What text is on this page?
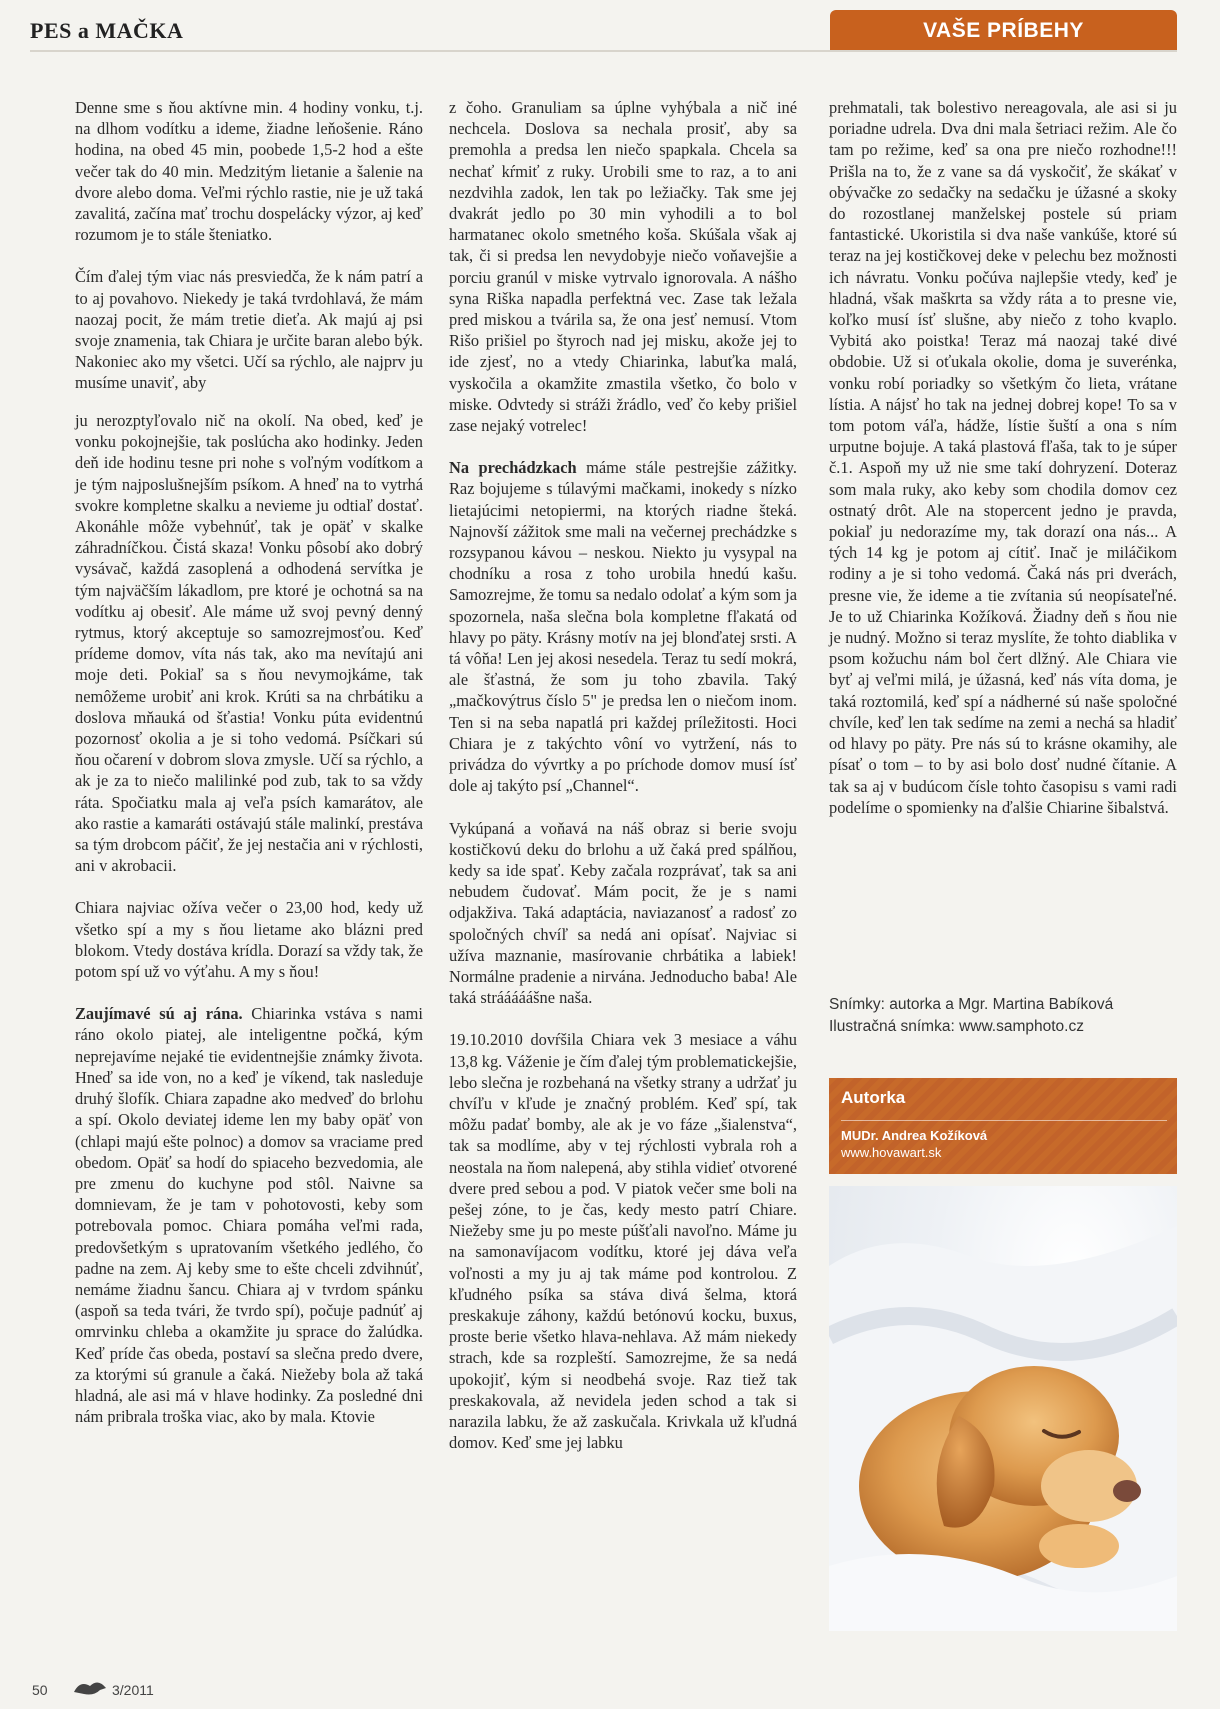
PES a MAČKA	VAŠE PRÍBEHY

Denne sme s ňou aktívne min. 4 hodiny vonku, t.j. na dlhom vodítku a ideme, žiadne leňošenie. Ráno hodina, na obed 45 min, poobede 1,5-2 hod a ešte večer tak do 40 min. Medzitým lietanie a šalenie na dvore alebo doma. Veľmi rýchlo rastie, nie je už taká zavalitá, začína mať trochu dospelácky výzor, aj keď rozumom je to stále šteniatko.

Čím ďalej tým viac nás presviedča, že k nám patrí a to aj povahovo. Niekedy je taká tvrdohlavá, že mám naozaj pocit, že mám tretie dieťa. Ak majú aj psi svoje znamenia, tak Chiara je určite baran alebo býk. Nakoniec ako my všetci. Učí sa rýchlo, ale najprv ju musíme unaviť, aby

ju nerozptyľovalo nič na okolí. Na obed, keď je vonku pokojnejšie, tak poslúcha ako hodinky. Jeden deň ide hodinu tesne pri nohe s voľným vodítkom a je tým najposlušnejším psíkom. A hneď na to vytrhá svokre kompletne skalku a nevieme ju odtiaľ dostať. Akonáhle môže vybehnúť, tak je opäť v skalke záhradníčkou. Čistá skaza! Vonku pôsobí ako dobrý vysávač, každá zasoplená a odhodená servítka je tým najväčším lákadlom, pre ktoré je ochotná sa na vodítku aj obesiť. Ale máme už svoj pevný denný rytmus, ktorý akceptuje so samozrejmosťou. Keď prídeme domov, víta nás tak, ako ma nevítajú ani moje deti. Pokiaľ sa s ňou nevymojkáme, tak nemôžeme urobiť ani krok. Krúti sa na chrbátiku a doslova mňauká od šťastia! Vonku púta evidentnú pozornosť okolia a je si toho vedomá. Psíčkari sú ňou očarení v dobrom slova zmysle. Učí sa rýchlo, a ak je za to niečo malilinké pod zub, tak to sa vždy ráta. Spočiatku mala aj veľa psích kamarátov, ale ako rastie a kamaráti ostávajú stále malinkí, prestáva sa tým drobcom páčiť, že jej nestačia ani v rýchlosti, ani v akrobacii.

Chiara najviac ožíva večer o 23,00 hod, kedy už všetko spí a my s ňou lietame ako blázni pred blokom. Vtedy dostáva krídla. Dorazí sa vždy tak, že potom spí už vo výťahu. A my s ňou!

Zaujímavé sú aj rána. Chiarinka vstáva s nami ráno okolo piatej, ale inteligentne počká, kým neprejavíme nejaké tie evidentnejšie známky života. Hneď sa ide von, no a keď je víkend, tak nasleduje druhý šlofík. Chiara zapadne ako medveď do brlohu a spí. Okolo deviatej ideme len my baby opäť von (chlapi majú ešte polnoc) a domov sa vraciame pred obedom. Opäť sa hodí do spiaceho bezvedomia, ale pre zmenu do kuchyne pod stôl. Naivne sa domnievam, že je tam v pohotovosti, keby som potrebovala pomoc. Chiara pomáha veľmi rada, predovšetkým s upratovaním všetkého jedlého, čo padne na zem. Aj keby sme to ešte chceli zdvihnúť, nemáme žiadnu šancu. Chiara aj v tvrdom spánku (aspoň sa teda tvári, že tvrdo spí), počuje padnúť aj omrvinku chleba a okamžite ju sprace do žalúdka. Keď príde čas obeda, postaví sa slečna predo dvere, za ktorými sú granule a čaká. Niežeby bola až taká hladná, ale asi má v hlave hodinky. Za posledné dni nám pribrala troška viac, ako by mala. Ktovie

z čoho. Granuliam sa úplne vyhýbala a nič iné nechcela. Doslova sa nechala prosiť, aby sa premohla a predsa len niečo spapkala. Chcela sa nechať kŕmiť z ruky. Urobili sme to raz, a to ani nezdvihla zadok, len tak po ležiačky. Tak sme jej dvakrát jedlo po 30 min vyhodili a to bol harmatanec okolo smetného koša. Skúšala však aj tak, či si predsa len nevydobyje niečo voňavejšie a porciu granúl v miske vytrvalo ignorovala. A nášho syna Riška napadla perfektná vec. Zase tak ležala pred miskou a tvárila sa, že ona jesť nemusí. Vtom Rišo prišiel po štyroch nad jej misku, akože jej to ide zjesť, no a vtedy Chiarinka, labuťka malá, vyskočila a okamžite zmastila všetko, čo bolo v miske. Odvtedy si stráži žrádlo, veď čo keby prišiel zase nejaký votrelec!

Na prechádzkach máme stále pestrejšie zážitky. Raz bojujeme s túlavými mačkami, inokedy s nízko lietajúcimi netopiermi, na ktorých riadne šteká. Najnovší zážitok sme mali na večernej prechádzke s rozsypanou kávou – neskou. Niekto ju vysypal na chodníku a rosa z toho urobila hnedú kašu. Samozrejme, že tomu sa nedalo odolať a kým som ja spozornela, naša slečna bola kompletne fľakatá od hlavy po päty. Krásny motív na jej blonďatej srsti. A tá vôňa! Len jej akosi nesedela. Teraz tu sedí mokrá, ale šťastná, že som ju toho zbavila. Taký „mačkovýtrus číslo 5" je predsa len o niečom inom. Ten si na seba napatlá pri každej príležitosti. Hoci Chiara je z takýchto vôní vo vytržení, nás to privádza do vývrtky a po príchode domov musí ísť dole aj takýto psí „Channel“.

Vykúpaná a voňavá na náš obraz si berie svoju kostičkovú deku do brlohu a už čaká pred spálňou, kedy sa ide spať. Keby začala rozprávať, tak sa ani nebudem čudovať. Mám pocit, že je s nami odjakživa. Taká adaptácia, naviazanosť a radosť zo spoločných chvíľ sa nedá ani opísať. Najviac si užíva maznanie, masírovanie chrbátika a labiek! Normálne pradenie a nirvána. Jednoducho baba! Ale taká strááááášne naša.

19.10.2010 dovŕšila Chiara vek 3 mesiace a váhu 13,8 kg. Váženie je čím ďalej tým problematickejšie, lebo slečna je rozbehaná na všetky strany a udržať ju chvíľu v kľude je značný problém. Keď spí, tak môžu padať bomby, ale ak je vo fáze „šialenstva“, tak sa modlíme, aby v tej rýchlosti vybrala roh a neostala na ňom nalepená, aby stihla vidieť otvorené dvere pred sebou a pod. V piatok večer sme boli na pešej zóne, to je čas, kedy mesto patrí Chiare. Niežeby sme ju po meste púšťali navoľno. Máme ju na samonavíjacom vodítku, ktoré jej dáva veľa voľnosti a my ju aj tak máme pod kontrolou. Z kľudného psíka sa stáva divá šelma, ktorá preskakuje záhony, každú betónovú kocku, buxus, proste berie všetko hlava-nehlava. Až mám niekedy strach, kde sa rozpleští. Samozrejme, že sa nedá upokojiť, kým si neodbehá svoje. Raz tiež tak preskakovala, až nevidela jeden schod a tak si narazila labku, že až zaskučala. Krivkala už kľudná domov. Keď sme jej labku

prehmatali, tak bolestivo nereagovala, ale asi si ju poriadne udrela. Dva dni mala šetriaci režim. Ale čo tam po režime, keď sa ona pre niečo rozhodne!!! Prišla na to, že z vane sa dá vyskočiť, že skákať v obývačke zo sedačky na sedačku je úžasné a skoky do rozostlanej manželskej postele sú priam fantastické. Ukoristila si dva naše vankúše, ktoré sú teraz na jej kostičkovej deke v pelechu bez možnosti ich návratu. Vonku počúva najlepšie vtedy, keď je hladná, však maškrta sa vždy ráta a to presne vie, koľko musí ísť slušne, aby niečo z toho kvaplo. Vybitá ako poistka! Teraz má naozaj také divé obdobie. Už si oťukala okolie, doma je suverénka, vonku robí poriadky so všetkým čo lieta, vrátane lístia. A nájsť ho tak na jednej dobrej kope! To sa v tom potom váľa, hádže, lístie šuští a ona s ním urputne bojuje. A taká plastová fľaša, tak to je súper č.1. Aspoň my už nie sme takí dohryzení. Doteraz som mala ruky, ako keby som chodila domov cez ostnatý drôt. Ale na stopercent jedno je pravda, pokiaľ ju nedorazíme my, tak dorazí ona nás... A tých 14 kg je potom aj cítiť. Inač je miláčikom rodiny a je si toho vedomá. Čaká nás pri dverách, presne vie, že ideme a tie zvítania sú neopísateľné. Je to už Chiarinka Kožíková. Žiadny deň s ňou nie je nudný. Možno si teraz myslíte, že tohto diablika v psom kožuchu nám bol čert dlžný. Ale Chiara vie byť aj veľmi milá, je úžasná, keď nás víta doma, je taká roztomilá, keď spí a nádherné sú naše spoločné chvíle, keď len tak sedíme na zemi a nechá sa hladiť od hlavy po päty. Pre nás sú to krásne okamihy, ale písať o tom – to by asi bolo dosť nudné čítanie. A tak sa aj v budúcom čísle tohto časopisu s vami radi podelíme o spomienky na ďalšie Chiarine šibalstvá.

Snímky: autorka a Mgr. Martina Babíková
Ilustračná snímka: www.samphoto.cz
Autorka
MUDr. Andrea Kožíková
www.hovawart.sk
50	3/2011
